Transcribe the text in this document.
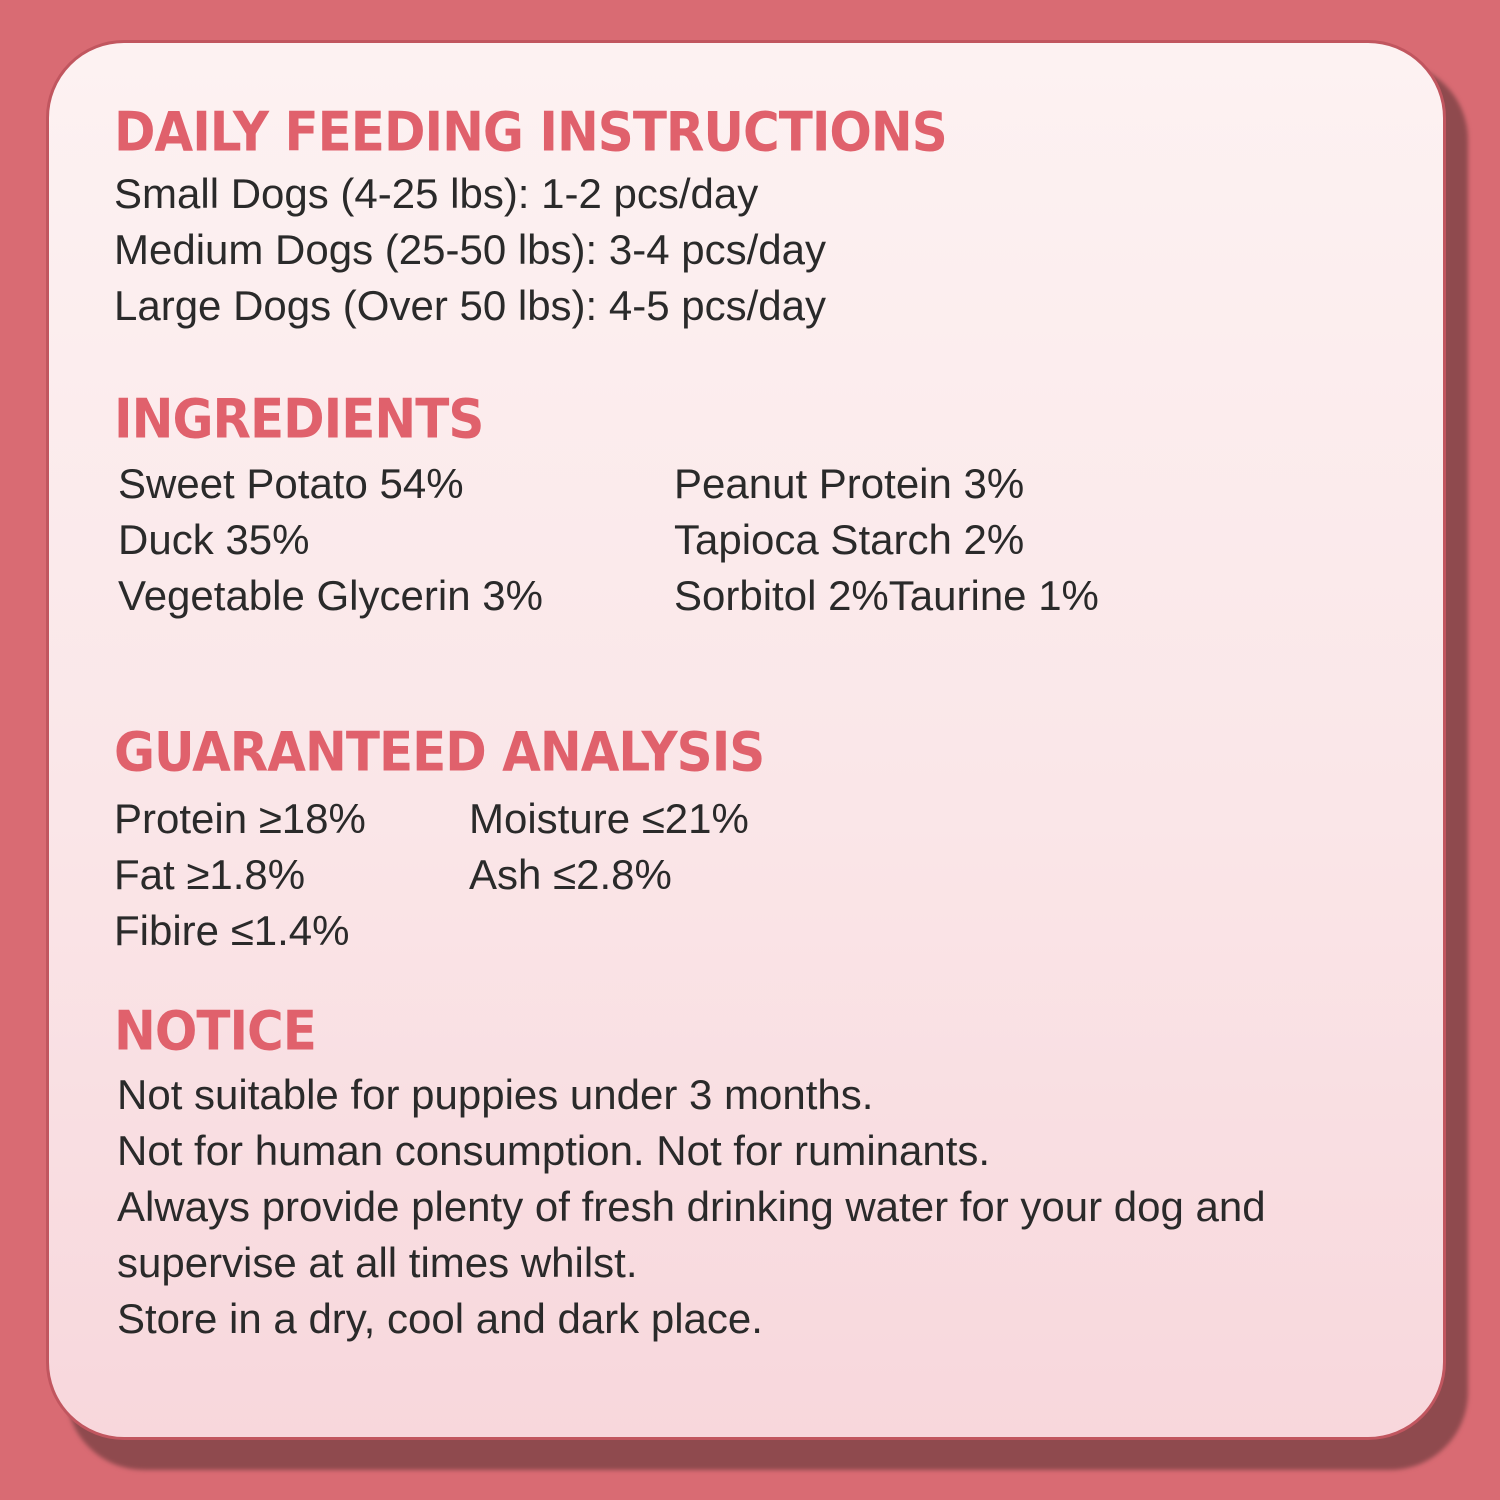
DAILY FEEDING INSTRUCTIONS

Small Dogs (4-25 lbs): 1-2 pcs/day

Medium Dogs (25-50 lbs): 3-4 pcs/day

Large Dogs (Over 50 lbs): 4-5 pcs/day

INGREDIENTS

Sweet Potato 54%

Duck 35%

Vegetable Glycerin 3%

Peanut Protein 3%

Tapioca Starch 2%

Sorbitol 2%Taurine 1%

GUARANTEED ANALYSIS

Protein ≥18%

Fat ≥1.8%

Fibire ≤1.4%

Moisture ≤21%

Ash ≤2.8%

NOTICE

Not suitable for puppies under 3 months.

Not for human consumption. Not for ruminants.

Always provide plenty of fresh drinking water for your dog and

supervise at all times whilst.

Store in a dry, cool and dark place.
